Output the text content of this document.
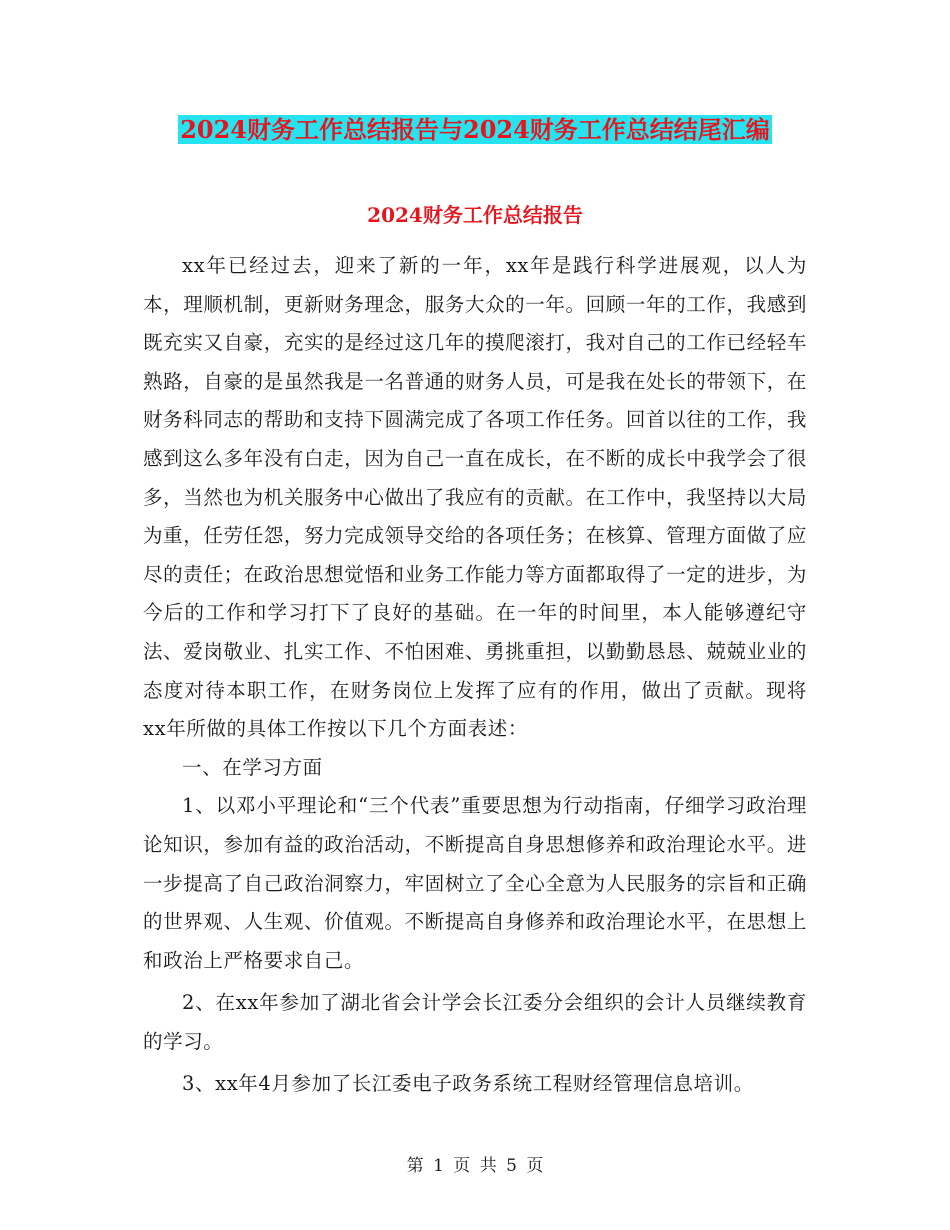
2024财务工作总结报告与2024财务工作总结结尾汇编
2024财务工作总结报告

xx年已经过去，迎来了新的一年，xx年是践行科学进展观，以人为本，理顺机制，更新财务理念，服务大众的一年。回顾一年的工作，我感到既充实又自豪，充实的是经过这几年的摸爬滚打，我对自己的工作已经轻车熟路，自豪的是虽然我是一名普通的财务人员，可是我在处长的带领下，在财务科同志的帮助和支持下圆满完成了各项工作任务。回首以往的工作，我感到这么多年没有白走，因为自己一直在成长，在不断的成长中我学会了很多，当然也为机关服务中心做出了我应有的贡献。在工作中，我坚持以大局为重，任劳任怨，努力完成领导交给的各项任务；在核算、管理方面做了应尽的责任；在政治思想觉悟和业务工作能力等方面都取得了一定的进步，为今后的工作和学习打下了良好的基础。在一年的时间里，本人能够遵纪守法、爱岗敬业、扎实工作、不怕困难、勇挑重担，以勤勤恳恳、兢兢业业的态度对待本职工作，在财务岗位上发挥了应有的作用，做出了贡献。现将xx年所做的具体工作按以下几个方面表述：

一、在学习方面

1、以邓小平理论和“三个代表”重要思想为行动指南，仔细学习政治理论知识，参加有益的政治活动，不断提高自身思想修养和政治理论水平。进一步提高了自己政治洞察力，牢固树立了全心全意为人民服务的宗旨和正确的世界观、人生观、价值观。不断提高自身修养和政治理论水平，在思想上和政治上严格要求自己。

2、在xx年参加了湖北省会计学会长江委分会组织的会计人员继续教育的学习。

3、xx年4月参加了长江委电子政务系统工程财经管理信息培训。

第 1 页 共 5 页
